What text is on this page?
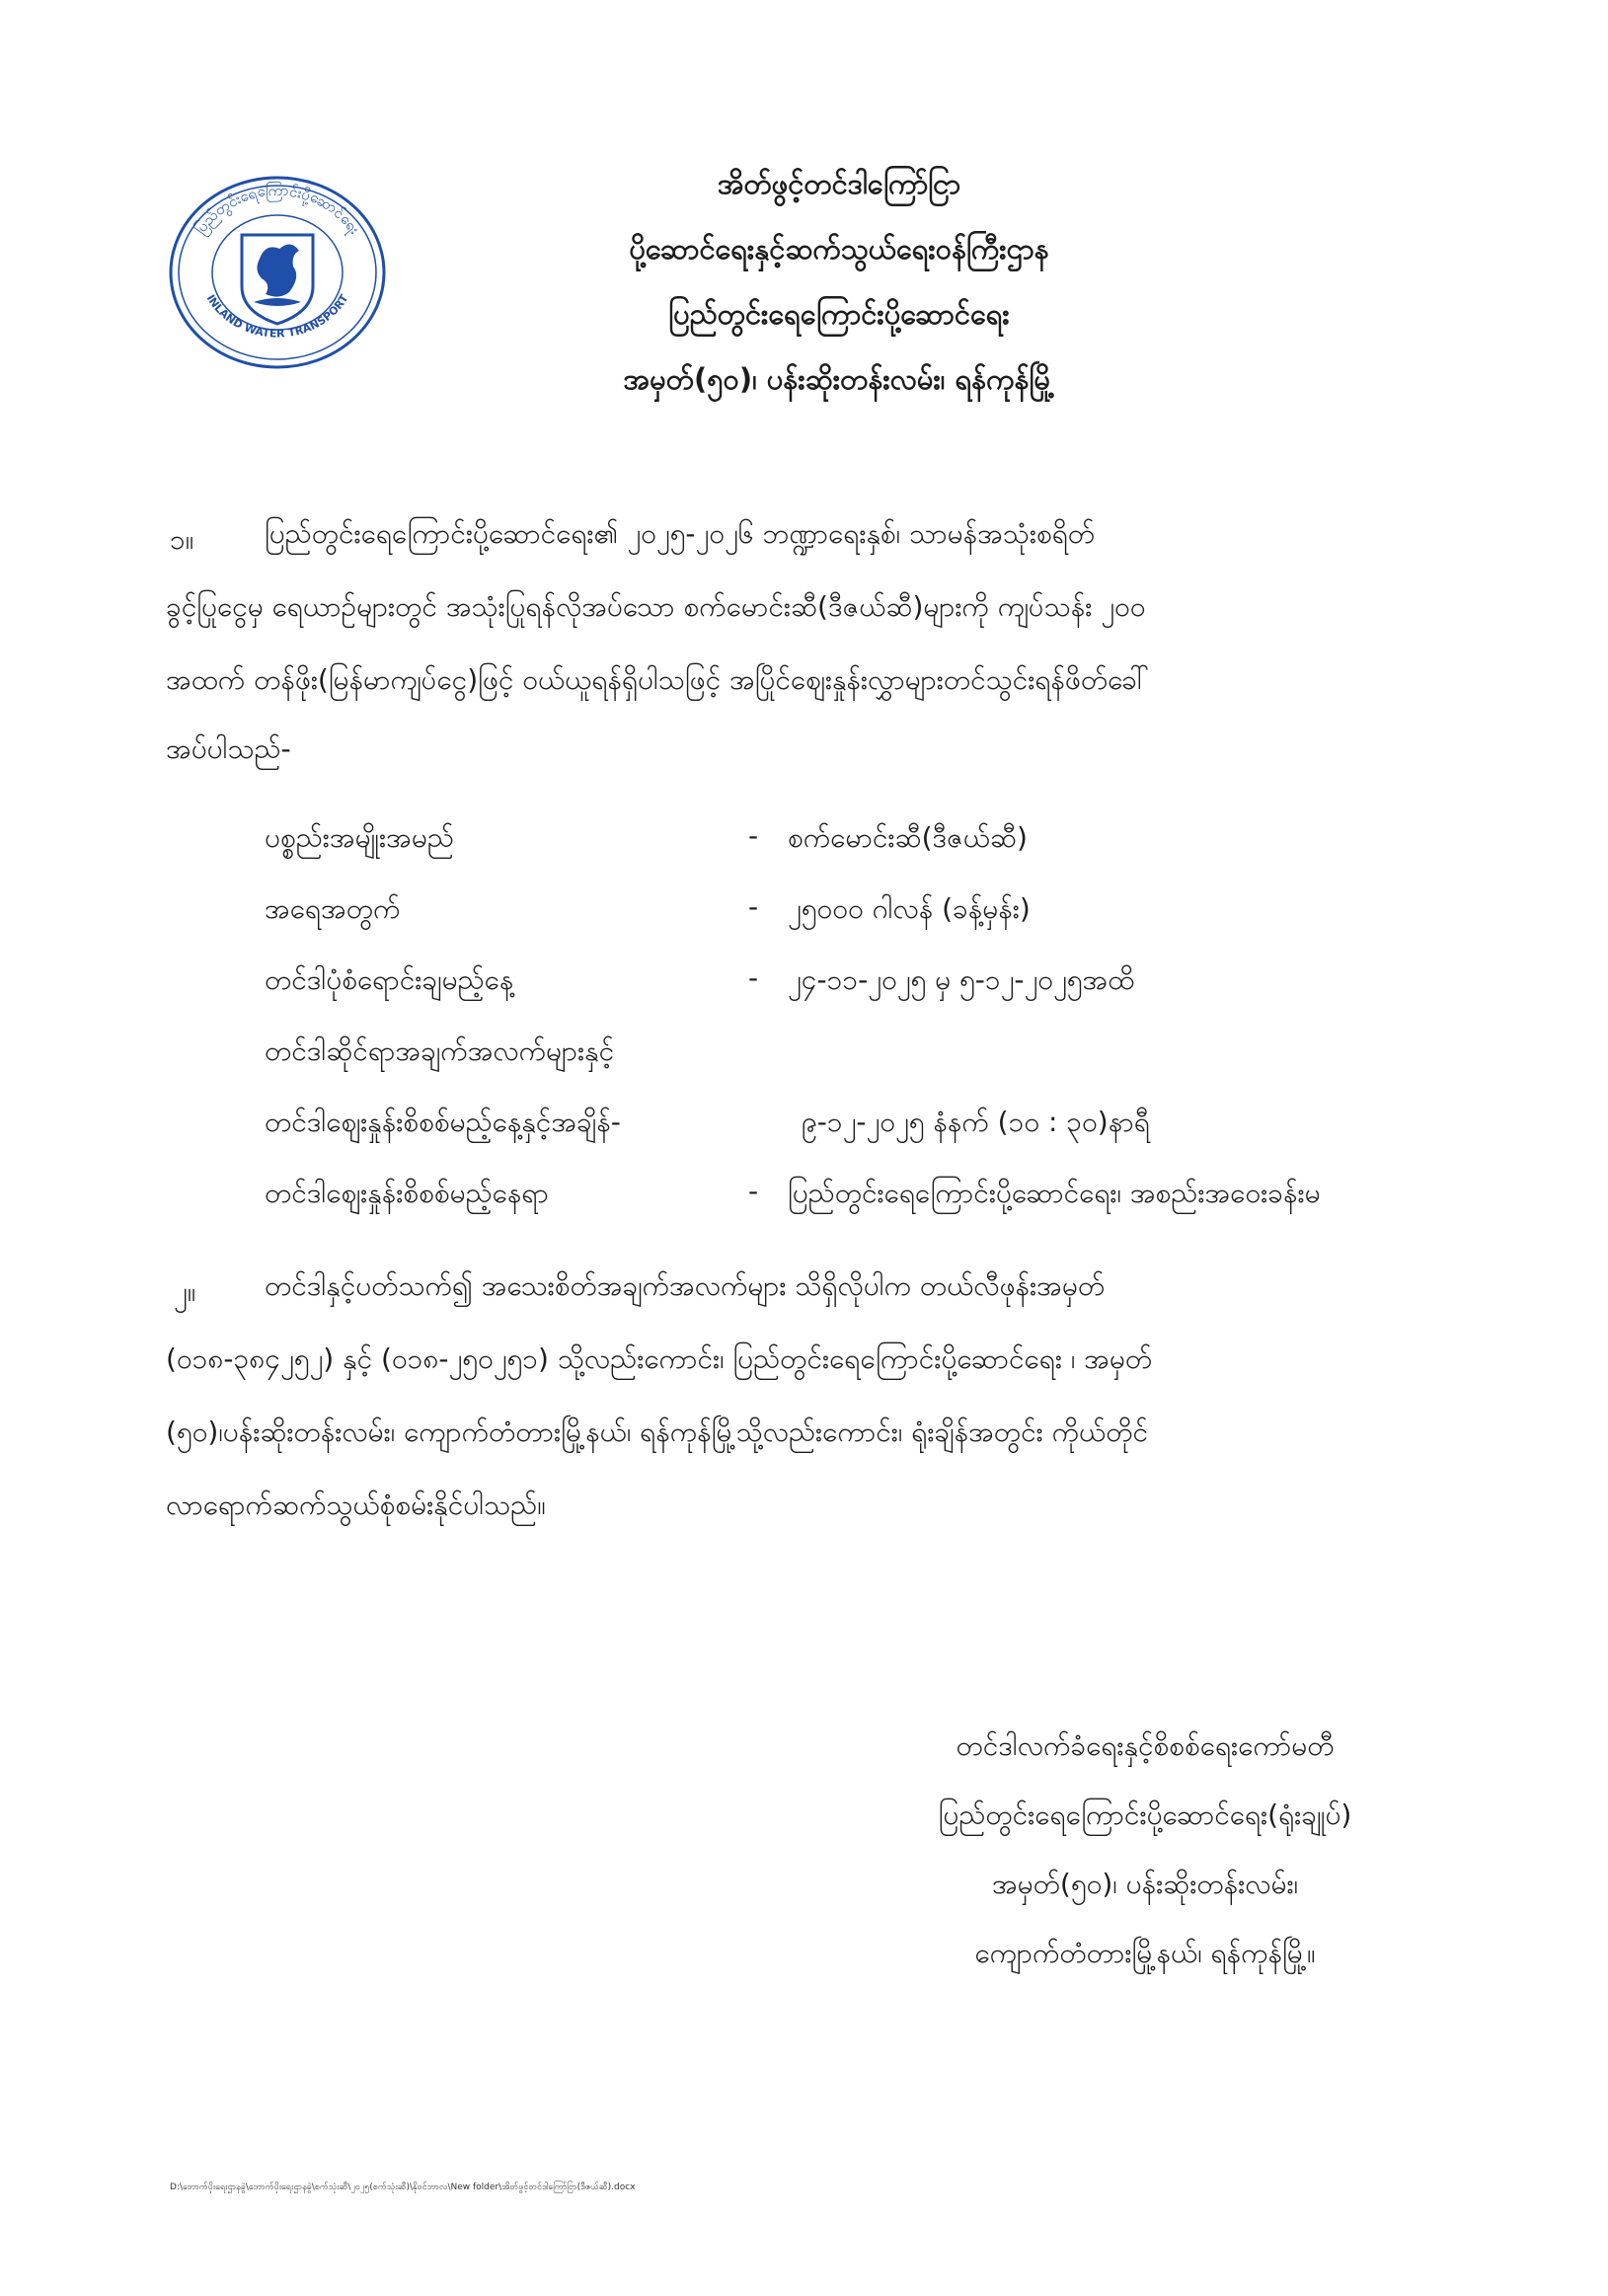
ပြည်တွင်းရေကြောင်းပို့ဆောင်ရေး
INLAND WATER TRANSPORT
အိတ်ဖွင့်တင်ဒါကြော်ငြာ
ပို့ဆောင်ရေးနှင့်ဆက်သွယ်ရေးဝန်ကြီးဌာန
ပြည်တွင်းရေကြောင်းပို့ဆောင်ရေး
အမှတ်(၅၀)၊ ပန်းဆိုးတန်းလမ်း၊ ရန်ကုန်မြို့
၁။	ပြည်တွင်းရေကြောင်းပို့ဆောင်ရေး၏ ၂၀၂၅-၂၀၂၆ ဘဏ္ဍာရေးနှစ်၊ သာမန်အသုံးစရိတ်
ခွင့်ပြုငွေမှ ရေယာဉ်များတွင် အသုံးပြုရန်လိုအပ်သော စက်မောင်းဆီ(ဒီဇယ်ဆီ)များကို ကျပ်သန်း ၂၀၀
အထက် တန်ဖိုး(မြန်မာကျပ်ငွေ)ဖြင့် ဝယ်ယူရန်ရှိပါသဖြင့် အပြိုင်ဈေးနှုန်းလွှာများတင်သွင်းရန်ဖိတ်ခေါ်
အပ်ပါသည်-
ပစ္စည်းအမျိုးအမည်	- စက်မောင်းဆီ(ဒီဇယ်ဆီ)
အရေအတွက်	- ၂၅၀၀၀ ဂါလန် (ခန့်မှန်း)
တင်ဒါပုံစံရောင်းချမည့်နေ့	- ၂၄-၁၁-၂၀၂၅ မှ ၅-၁၂-၂၀၂၅အထိ
တင်ဒါဆိုင်ရာအချက်အလက်များနှင့်
တင်ဒါဈေးနှုန်းစိစစ်မည့်နေ့နှင့်အချိန်-	၉-၁၂-၂၀၂၅ နံနက် (၁၀ : ၃၀)နာရီ
တင်ဒါဈေးနှုန်းစိစစ်မည့်နေရာ	- ပြည်တွင်းရေကြောင်းပို့ဆောင်ရေး၊ အစည်းအဝေးခန်းမ
၂။ တင်ဒါနှင့်ပတ်သက်၍ အသေးစိတ်အချက်အလက်များ သိရှိလိုပါက တယ်လီဖုန်းအမှတ်
(၀၁၈-၃၈၄၂၅၂) နှင့် (၀၁၈-၂၅၀၂၅၁) သို့လည်းကောင်း၊ ပြည်တွင်းရေကြောင်းပို့ဆောင်ရေး ၊ အမှတ်
(၅၀)၊ပန်းဆိုးတန်းလမ်း၊ ကျောက်တံတားမြို့နယ်၊ ရန်ကုန်မြို့သို့လည်းကောင်း၊ ရုံးချိန်အတွင်း ကိုယ်တိုင်
လာရောက်ဆက်သွယ်စုံစမ်းနိုင်ပါသည်။
တင်ဒါလက်ခံရေးနှင့်စိစစ်ရေးကော်မတီ
ပြည်တွင်းရေကြောင်းပို့ဆောင်ရေး(ရုံးချုပ်)
အမှတ်(၅၀)၊ ပန်းဆိုးတန်းလမ်း၊
ကျောက်တံတားမြို့နယ်၊ ရန်ကုန်မြို့။
D:\ဘောက်ပိုးရေးဌာနခွဲ\ဘောက်ပိုးရေးဌာနခွဲ\စက်သုံးဆီ\၂၀၂၅(စက်သုံးဆီ)\နိုဝင်ဘာလ\New folder\အိတ်ဖွင့်တင်ဒါကြော်ငြာ(ဒီဇယ်ဆီ).docx
